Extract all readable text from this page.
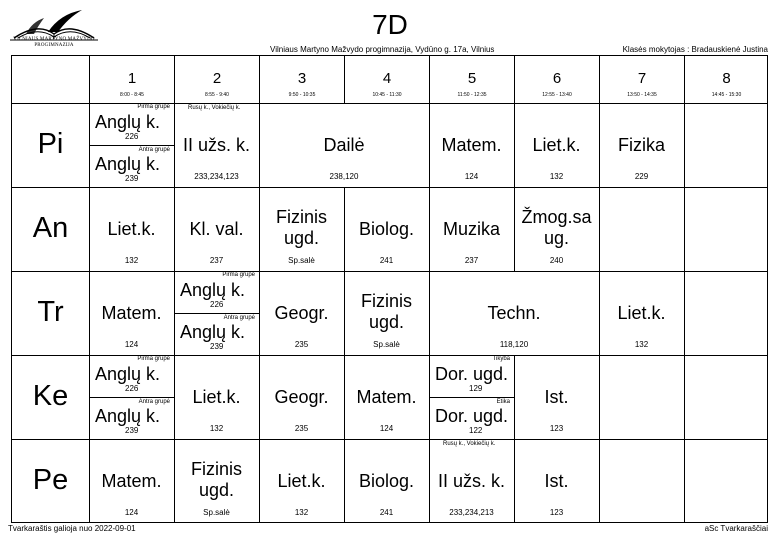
VILNIAUS MARTYNO MAŽVYDO
PROGIMNAZIJA
7D
Vilniaus Martyno Mažvydo progimnazija, Vydūno g. 17a, Vilnius	Klasės mokytojas : Bradauskienė Justina
1
8:00 - 8:45
2
8:55 - 9:40
3
9:50 - 10:35
4
10:45 - 11:30
5
11:50 - 12:35
6
12:55 - 13:40
7
13:50 - 14:35
8
14:45 - 15:30
Pi
An
Tr
Ke
Pe
Pirma grupė
Anglų k.
226
Antra grupė
Anglų k.
239
Rusų k., Vokiečių k.
II užs. k.
233,234,123
Dailė
238,120
Matem.
124
Liet.k.
132
Fizika
229
Liet.k.
132
Kl. val.
237
Fizinis
ugd.
Sp.salė
Biolog.
241
Muzika
237
Žmog.sa
ug.
240
Matem.
124
Pirma grupė
Anglų k.
226
Antra grupė
Anglų k.
239
Geogr.
235
Fizinis
ugd.
Sp.salė
Techn.
118,120
Liet.k.
132
Pirma grupė
Anglų k.
226
Antra grupė
Anglų k.
239
Liet.k.
132
Geogr.
235
Matem.
124
Tikyba
Dor. ugd.
129
Etika
Dor. ugd.
122
Ist.
123
Matem.
124
Fizinis
ugd.
Sp.salė
Liet.k.
132
Biolog.
241
Rusų k., Vokiečių k.
II užs. k.
233,234,213
Ist.
123
Tvarkaraštis galioja nuo 2022-09-01	aSc Tvarkaraščiai
